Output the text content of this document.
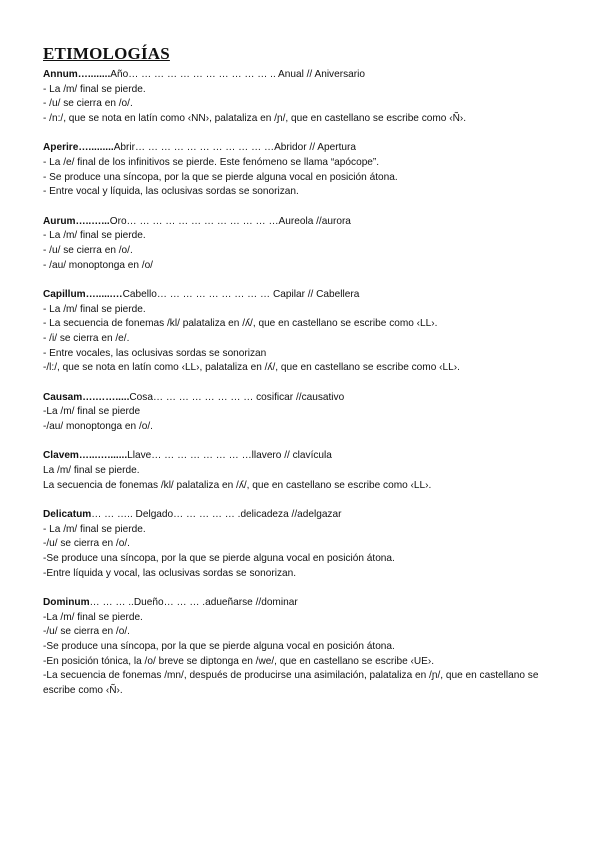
ETIMOLOGÍAS
Annum…........Año… … … … … … … … … … … .. Anual // Aniversario
- La /m/ final se pierde.
- /u/ se cierra en /o/.
- /n:/, que se nota en latín como ‹NN›, palataliza en /ɲ/, que en castellano se escribe como ‹Ñ›.
Aperire….........Abrir… … … … … … … … … … …Abridor // Apertura
- La /e/ final de los infinitivos se pierde. Este fenómeno se llama “apócope”.
- Se produce una síncopa, por la que se pierde alguna vocal en posición átona.
- Entre vocal y líquida, las oclusivas sordas se sonorizan.
Aurum…..…...Oro… … … … … … … … … … … …Aureola //aurora
- La /m/ final se pierde.
- /u/ se cierra en /o/.
- /au/ monoptonga en /o/
Capillum…......…Cabello… … … … … … … … … Capilar // Cabellera
- La /m/ final se pierde.
- La secuencia de fonemas /kl/ palataliza en /ʎ/, que en castellano se escribe como ‹LL›.
- /i/ se cierra en /e/.
- Entre vocales, las oclusivas sordas se sonorizan
-/l:/, que se nota en latín como ‹LL›, palataliza en /ʎ/, que en castellano se escribe como ‹LL›.
Causam….…….....Cosa… … … … … … … … cosificar //causativo
-La /m/ final se pierde
-/au/ monoptonga en /o/.
Clavem…...….......Llave… … … … … … … …llavero // clavícula
La /m/ final se pierde.
La secuencia de fonemas /kl/ palataliza en /ʎ/, que en castellano se escribe como ‹LL›.
Delicatum… … ….. Delgado… … … … … .delicadeza //adelgazar
- La /m/ final se pierde.
-/u/ se cierra en /o/.
-Se produce una síncopa, por la que se pierde alguna vocal en posición átona.
-Entre líquida y vocal, las oclusivas sordas se sonorizan.
Dominum… … … ..Dueño… … … .adueñarse //dominar
-La /m/ final se pierde.
-/u/ se cierra en /o/.
-Se produce una síncopa, por la que se pierde alguna vocal en posición átona.
-En posición tónica, la /o/ breve se diptonga en /we/, que en castellano se escribe ‹UE›.
-La secuencia de fonemas /mn/, después de producirse una asimilación, palataliza en /ɲ/, que en castellano se escribe como ‹Ñ›.
